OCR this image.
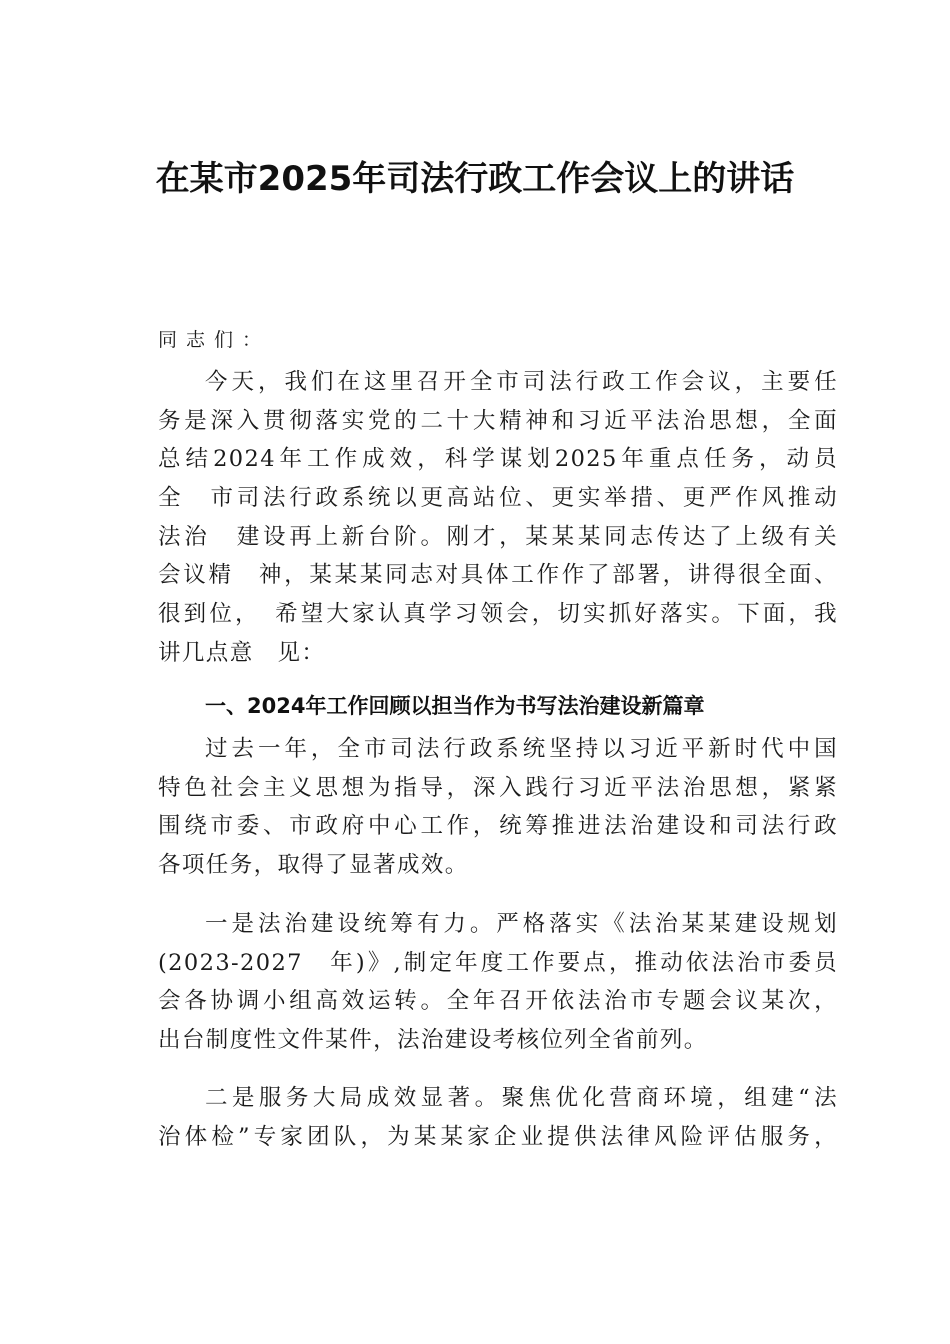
在某市2025年司法行政工作会议上的讲话
同志们：
今天，我们在这里召开全市司法行政工作会议，主要任
务是深入贯彻落实党的二十大精神和习近平法治思想，全面
总结2024年工作成效，科学谋划2025年重点任务，动员
全　市司法行政系统以更高站位、更实举措、更严作风推动
法治　建设再上新台阶。刚才，某某某同志传达了上级有关
会议精　神，某某某同志对具体工作作了部署，讲得很全面、
很到位，　希望大家认真学习领会，切实抓好落实。下面，我
讲几点意　见：
一、2024年工作回顾以担当作为书写法治建设新篇章
过去一年，全市司法行政系统坚持以习近平新时代中国
特色社会主义思想为指导，深入践行习近平法治思想，紧紧
围绕市委、市政府中心工作，统筹推进法治建设和司法行政
各项任务，取得了显著成效。
一是法治建设统筹有力。严格落实《法治某某建设规划
(2023-2027　年)》,制定年度工作要点，推动依法治市委员
会各协调小组高效运转。全年召开依法治市专题会议某次，
出台制度性文件某件，法治建设考核位列全省前列。
二是服务大局成效显著。聚焦优化营商环境，组建“法
治体检”专家团队，为某某家企业提供法律风险评估服务，
